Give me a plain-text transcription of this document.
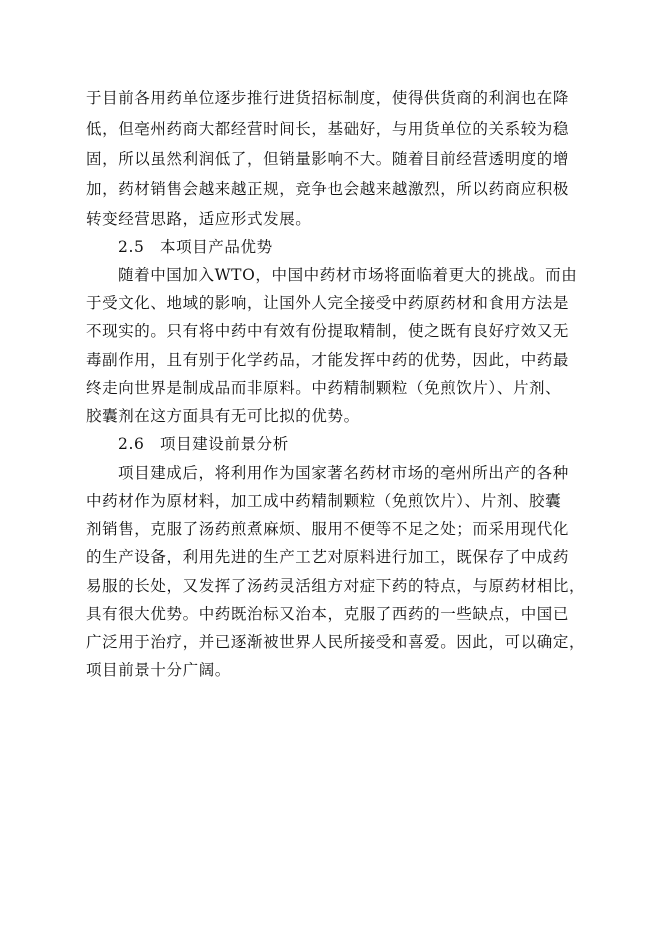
于目前各用药单位逐步推行进货招标制度，使得供货商的利润也在降
低，但亳州药商大都经营时间长，基础好，与用货单位的关系较为稳
固，所以虽然利润低了，但销量影响不大。随着目前经营透明度的增
加，药材销售会越来越正规，竞争也会越来越激烈，所以药商应积极
转变经营思路，适应形式发展。
2.5 本项目产品优势
随着中国加入WTO，中国中药材市场将面临着更大的挑战。而由
于受文化、地域的影响，让国外人完全接受中药原药材和食用方法是
不现实的。只有将中药中有效有份提取精制，使之既有良好疗效又无
毒副作用，且有别于化学药品，才能发挥中药的优势，因此，中药最
终走向世界是制成品而非原料。中药精制颗粒（免煎饮片）、片剂、
胶囊剂在这方面具有无可比拟的优势。
2.6 项目建设前景分析
项目建成后，将利用作为国家著名药材市场的亳州所出产的各种
中药材作为原材料，加工成中药精制颗粒（免煎饮片）、片剂、胶囊
剂销售，克服了汤药煎煮麻烦、服用不便等不足之处；而采用现代化
的生产设备，利用先进的生产工艺对原料进行加工，既保存了中成药
易服的长处，又发挥了汤药灵活组方对症下药的特点，与原药材相比，
具有很大优势。中药既治标又治本，克服了西药的一些缺点，中国已
广泛用于治疗，并已逐渐被世界人民所接受和喜爱。因此，可以确定，
项目前景十分广阔。
